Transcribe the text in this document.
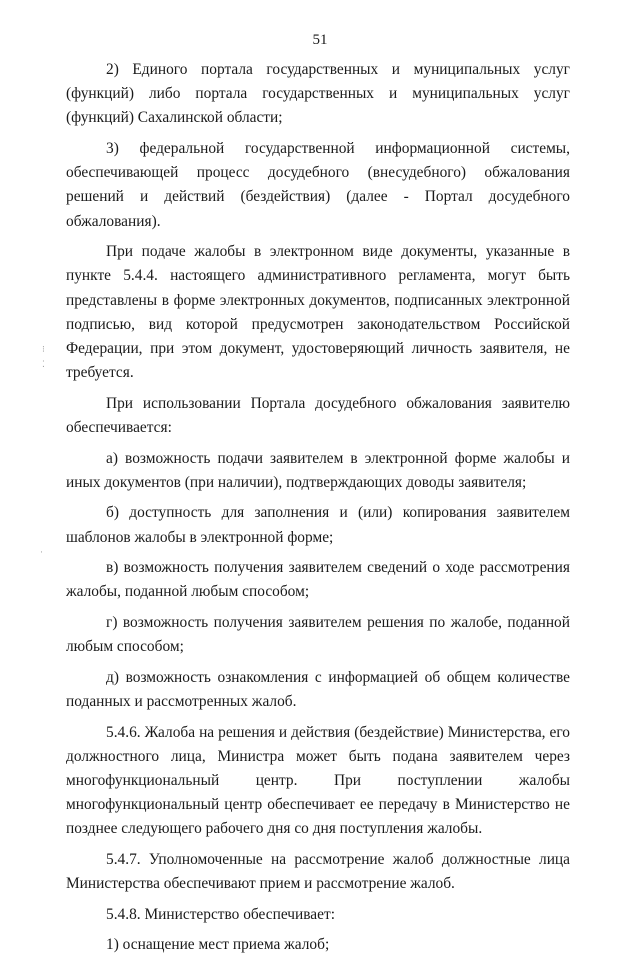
51
⁝
⁚
·

2) Единого портала государственных и муниципальных услуг (функций) либо портала государственных и муниципальных услуг (функций) Сахалинской области;

3) федеральной государственной информационной системы, обеспечивающей процесс досудебного (внесудебного) обжалования решений и действий (бездействия) (далее - Портал досудебного обжалования).

При подаче жалобы в электронном виде документы, указанные в пункте 5.4.4. настоящего административного регламента, могут быть представлены в форме электронных документов, подписанных электронной подписью, вид которой предусмотрен законодательством Российской Федерации, при этом документ, удостоверяющий личность заявителя, не требуется.

При использовании Портала досудебного обжалования заявителю обеспечивается:

а) возможность подачи заявителем в электронной форме жалобы и иных документов (при наличии), подтверждающих доводы заявителя;

б) доступность для заполнения и (или) копирования заявителем шаблонов жалобы в электронной форме;

в) возможность получения заявителем сведений о ходе рассмотрения жалобы, поданной любым способом;

г) возможность получения заявителем решения по жалобе, поданной любым способом;

д) возможность ознакомления с информацией об общем количестве поданных и рассмотренных жалоб.

5.4.6. Жалоба на решения и действия (бездействие) Министерства, его должностного лица, Министра может быть подана заявителем через многофункциональный центр. При поступлении жалобы многофункциональный центр обеспечивает ее передачу в Министерство не позднее следующего рабочего дня со дня поступления жалобы.

5.4.7. Уполномоченные на рассмотрение жалоб должностные лица Министерства обеспечивают прием и рассмотрение жалоб.

5.4.8. Министерство обеспечивает:

1) оснащение мест приема жалоб;
